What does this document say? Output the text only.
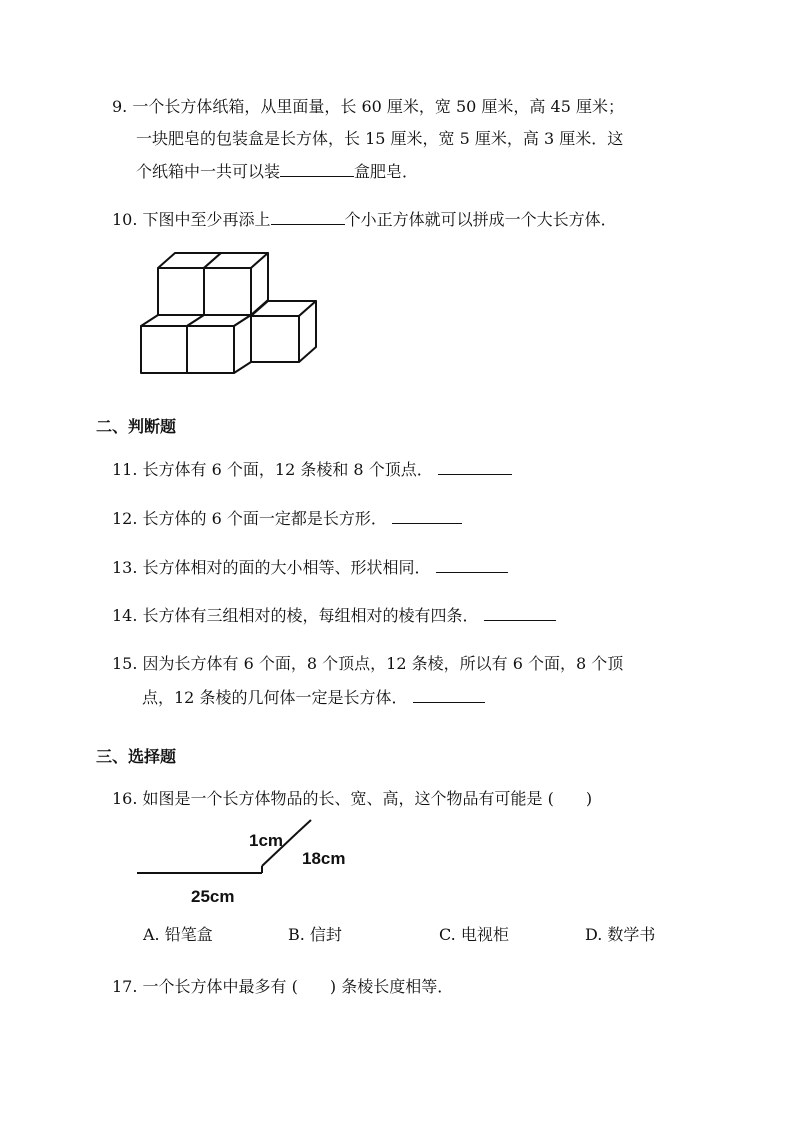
9. 一个长方体纸箱，从里面量，长 60 厘米，宽 50 厘米，高 45 厘米；
一块肥皂的包装盒是长方体，长 15 厘米，宽 5 厘米，高 3 厘米．这
个纸箱中一共可以装	盒肥皂．
10. 下图中至少再添上	个小正方体就可以拼成一个大长方体．
二、判断题
11. 长方体有 6 个面，12 条棱和 8 个顶点．
12. 长方体的 6 个面一定都是长方形．
13. 长方体相对的面的大小相等、形状相同．
14. 长方体有三组相对的棱，每组相对的棱有四条．
15. 因为长方体有 6 个面，8 个顶点，12 条棱，所以有 6 个面，8 个顶
点，12 条棱的几何体一定是长方体．
三、选择题
16. 如图是一个长方体物品的长、宽、高，这个物品有可能是 (　　)
1cm
18cm
25cm
A. 铅笔盒	B. 信封	C. 电视柜	D. 数学书
17. 一个长方体中最多有 (　　) 条棱长度相等．
